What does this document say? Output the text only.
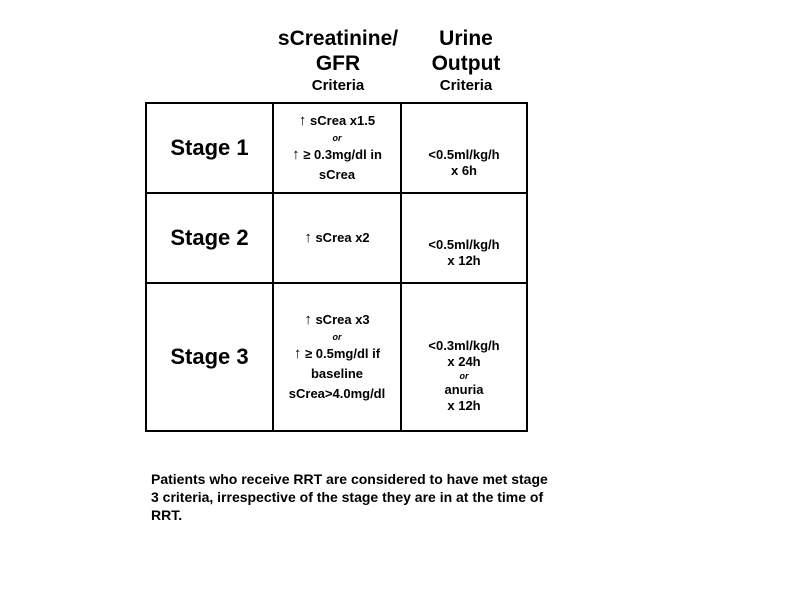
sCreatinine/
GFR
Criteria
Urine
Output
Criteria
Stage 1	↑ sCrea x1.5
or
↑ ≥ 0.3mg/dl in
sCrea	<0.5ml/kg/h
x 6h

Stage 2	↑ sCrea x2	<0.5ml/kg/h
x 12h

Stage 3	↑ sCrea x3
or
↑ ≥ 0.5mg/dl if
baseline
sCrea>4.0mg/dl	<0.3ml/kg/h
x 24h
or
anuria
x 12h
Patients who receive RRT are considered to have met stage 3 criteria, irrespective of the stage they are in at the time of RRT.
